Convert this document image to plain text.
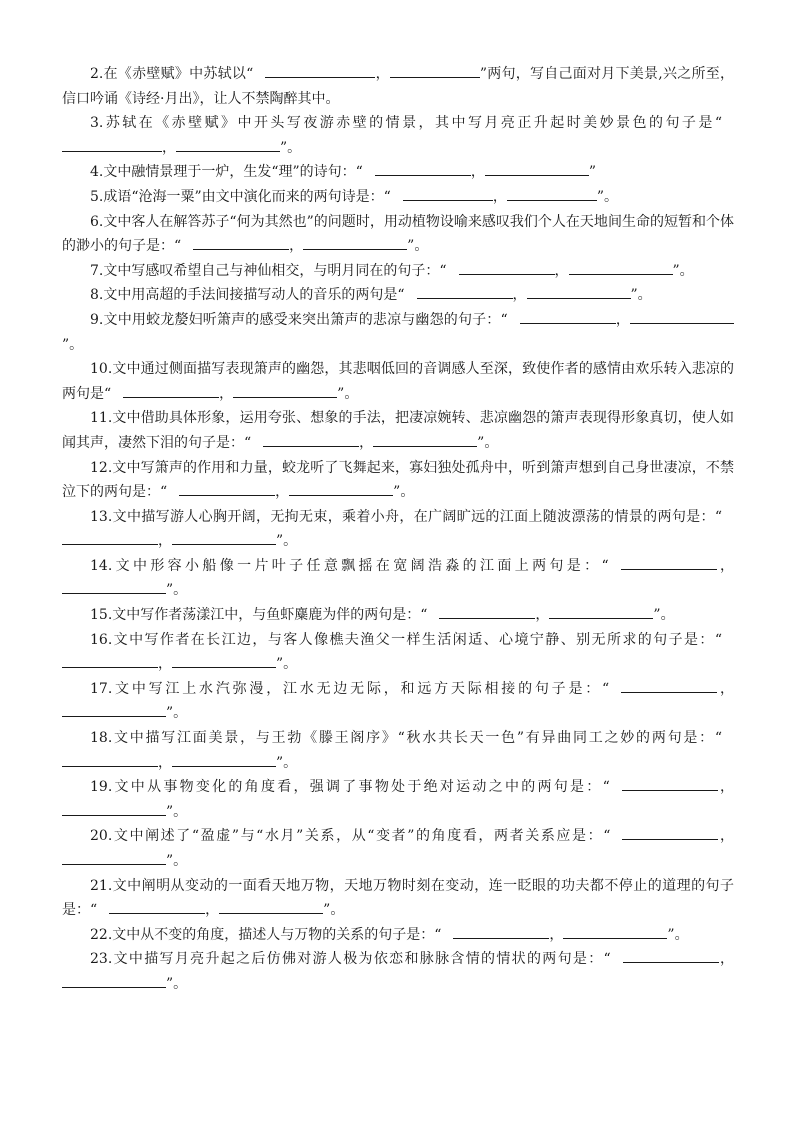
2.在《赤壁赋》中苏轼以“	，	”两句，写自己面对月下美景,兴之所至，信口吟诵《诗经·月出》，让人不禁陶醉其中。

3.苏轼在《赤壁赋》中开头写夜游赤壁的情景，其中写月亮正升起时美妙景色的句子是“，	”。

4.文中融情景理于一炉，生发“理”的诗句：“	，	”

5.成语“沧海一粟”由文中演化而来的两句诗是：“	，	”。

6.文中客人在解答苏子“何为其然也”的问题时，用动植物设喻来感叹我们个人在天地间生命的短暂和个体的渺小的句子是：“	，	”。

7.文中写感叹希望自己与神仙相交，与明月同在的句子：“	，	”。

8.文中用高超的手法间接描写动人的音乐的两句是“	，	”。

9.文中用蛟龙嫠妇听箫声的感受来突出箫声的悲凉与幽怨的句子：“	，”。

10.文中通过侧面描写表现箫声的幽怨，其悲咽低回的音调感人至深，致使作者的感情由欢乐转入悲凉的两句是“	，	”。

11.文中借助具体形象，运用夸张、想象的手法，把凄凉婉转、悲凉幽怨的箫声表现得形象真切，使人如闻其声，凄然下泪的句子是：“	，	”。

12.文中写箫声的作用和力量，蛟龙听了飞舞起来，寡妇独处孤舟中，听到箫声想到自己身世凄凉，不禁泣下的两句是：“	，	”。

13.文中描写游人心胸开阔，无拘无束，乘着小舟，在广阔旷远的江面上随波漂荡的情景的两句是：“，	”。

14.文中形容小船像一片叶子任意飘摇在宽阔浩淼的江面上两句是：“	，”。

15.文中写作者荡漾江中，与鱼虾麋鹿为伴的两句是：“	，	”。

16.文中写作者在长江边，与客人像樵夫渔父一样生活闲适、心境宁静、别无所求的句子是：“，	”。

17.文中写江上水汽弥漫，江水无边无际，和远方天际相接的句子是：“	，”。

18.文中描写江面美景，与王勃《滕王阁序》“秋水共长天一色”有异曲同工之妙的两句是：“，	”。

19.文中从事物变化的角度看，强调了事物处于绝对运动之中的两句是：“	，”。

20.文中阐述了“盈虚”与“水月”关系，从“变者”的角度看，两者关系应是：“	，”。

21.文中阐明从变动的一面看天地万物，天地万物时刻在变动，连一眨眼的功夫都不停止的道理的句子是：“	，	”。

22.文中从不变的角度，描述人与万物的关系的句子是：“	，	”。

23.文中描写月亮升起之后仿佛对游人极为依恋和脉脉含情的情状的两句是：“	，”。
